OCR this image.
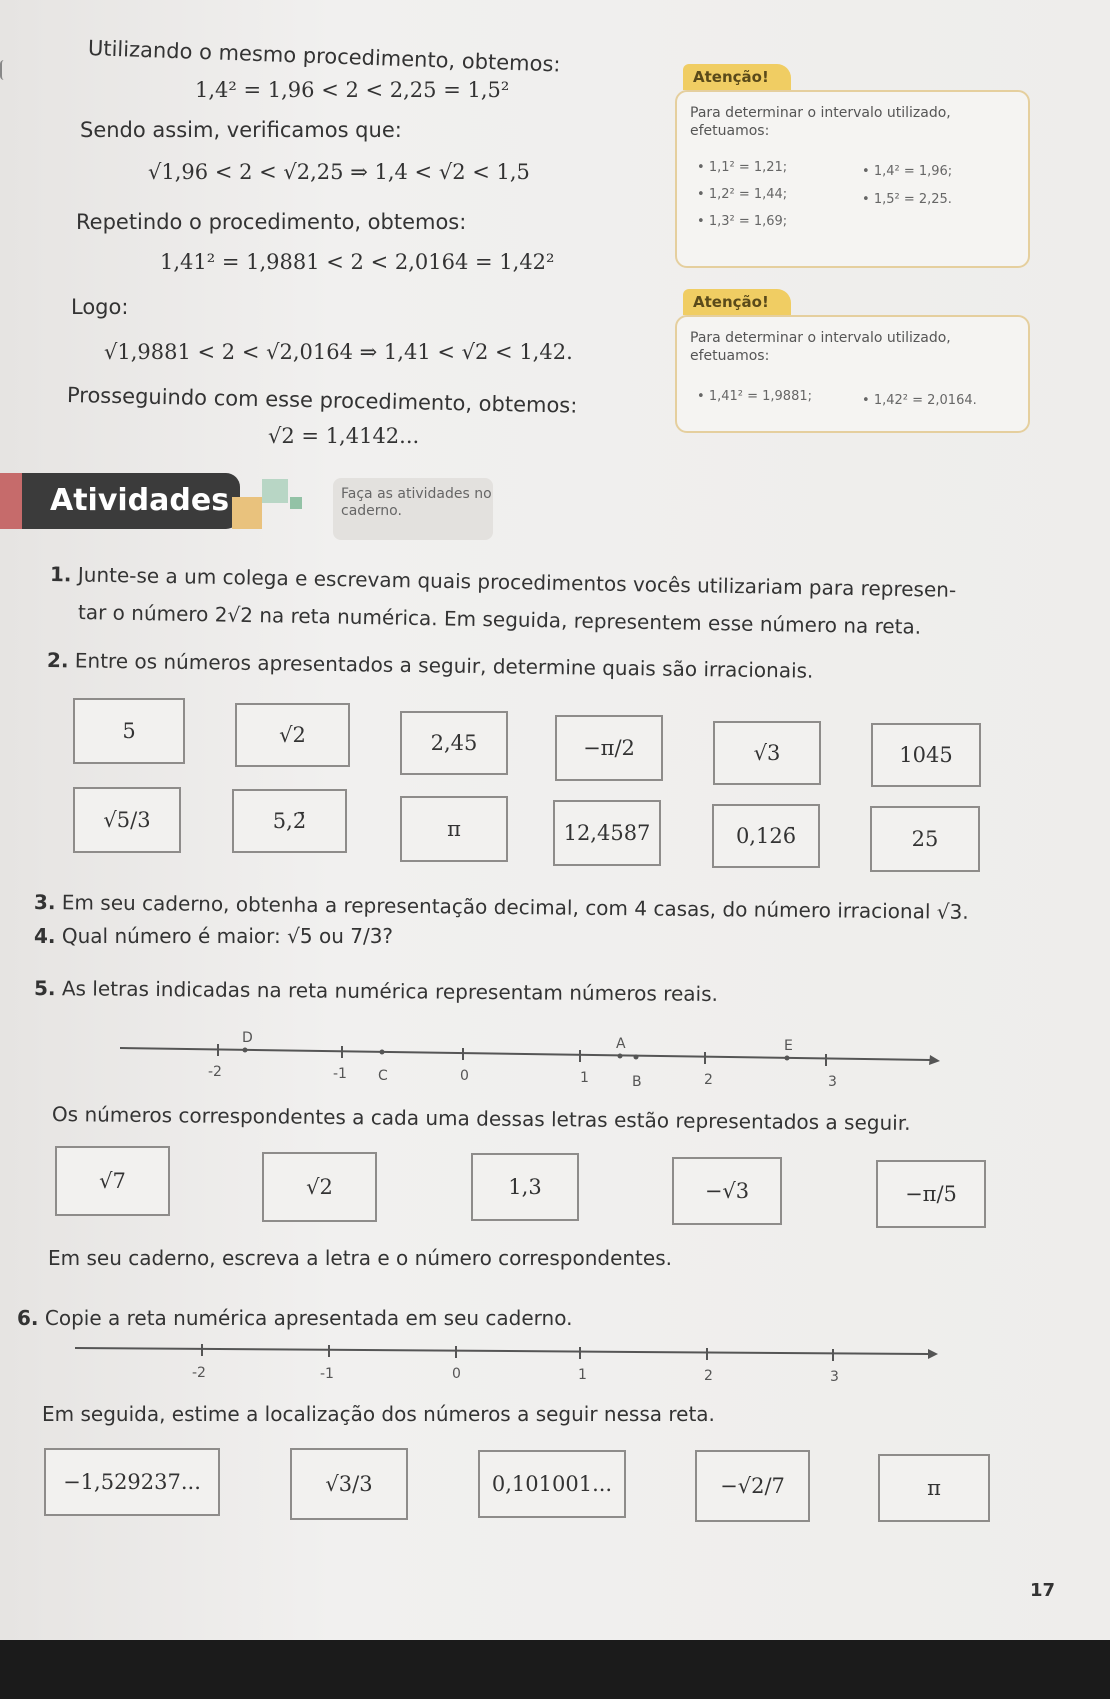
Utilizando o mesmo procedimento, obtemos:
1,4² = 1,96 < 2 < 2,25 = 1,5²
Sendo assim, verificamos que:
√1,96 < 2 < √2,25 ⇒ 1,4 < √2 < 1,5
Repetindo o procedimento, obtemos:
1,41² = 1,9881 < 2 < 2,0164 = 1,42²
Logo:
√1,9881 < 2 < √2,0164 ⇒ 1,41 < √2 < 1,42.
Prosseguindo com esse procedimento, obtemos:
√2 = 1,4142...
Atenção!
Para determinar o intervalo utilizado, efetuamos:
• 1,1² = 1,21;
• 1,2² = 1,44;
• 1,3² = 1,69;
• 1,4² = 1,96;
• 1,5² = 2,25.
Atenção!
Para determinar o intervalo utilizado, efetuamos:
• 1,41² = 1,9881;	• 1,42² = 2,0164.
Atividades	Faça as atividades no caderno.
1. Junte-se a um colega e escrevam quais procedimentos vocês utilizariam para represen-
tar o número 2√2 na reta numérica. Em seguida, representem esse número na reta.
2. Entre os números apresentados a seguir, determine quais são irracionais.
5	√2	2,45	−π/2	√3	1045
√5/3	5,2̄	π	12,4587	0,126̄	25
3. Em seu caderno, obtenha a representação decimal, com 4 casas, do número irracional √3.
4. Qual número é maior: √5 ou 7/3?
5. As letras indicadas na reta numérica representam números reais.
D	A	E
C	B
-2	-1	0	1	2	3
Os números correspondentes a cada uma dessas letras estão representados a seguir.
√7	√2	1,3	−√3	−π/5
Em seu caderno, escreva a letra e o número correspondentes.
6. Copie a reta numérica apresentada em seu caderno.
-2	-1	0	1	2	3
Em seguida, estime a localização dos números a seguir nessa reta.
−1,529237...	√3/3	0,101001...	−√2/7	π
17
